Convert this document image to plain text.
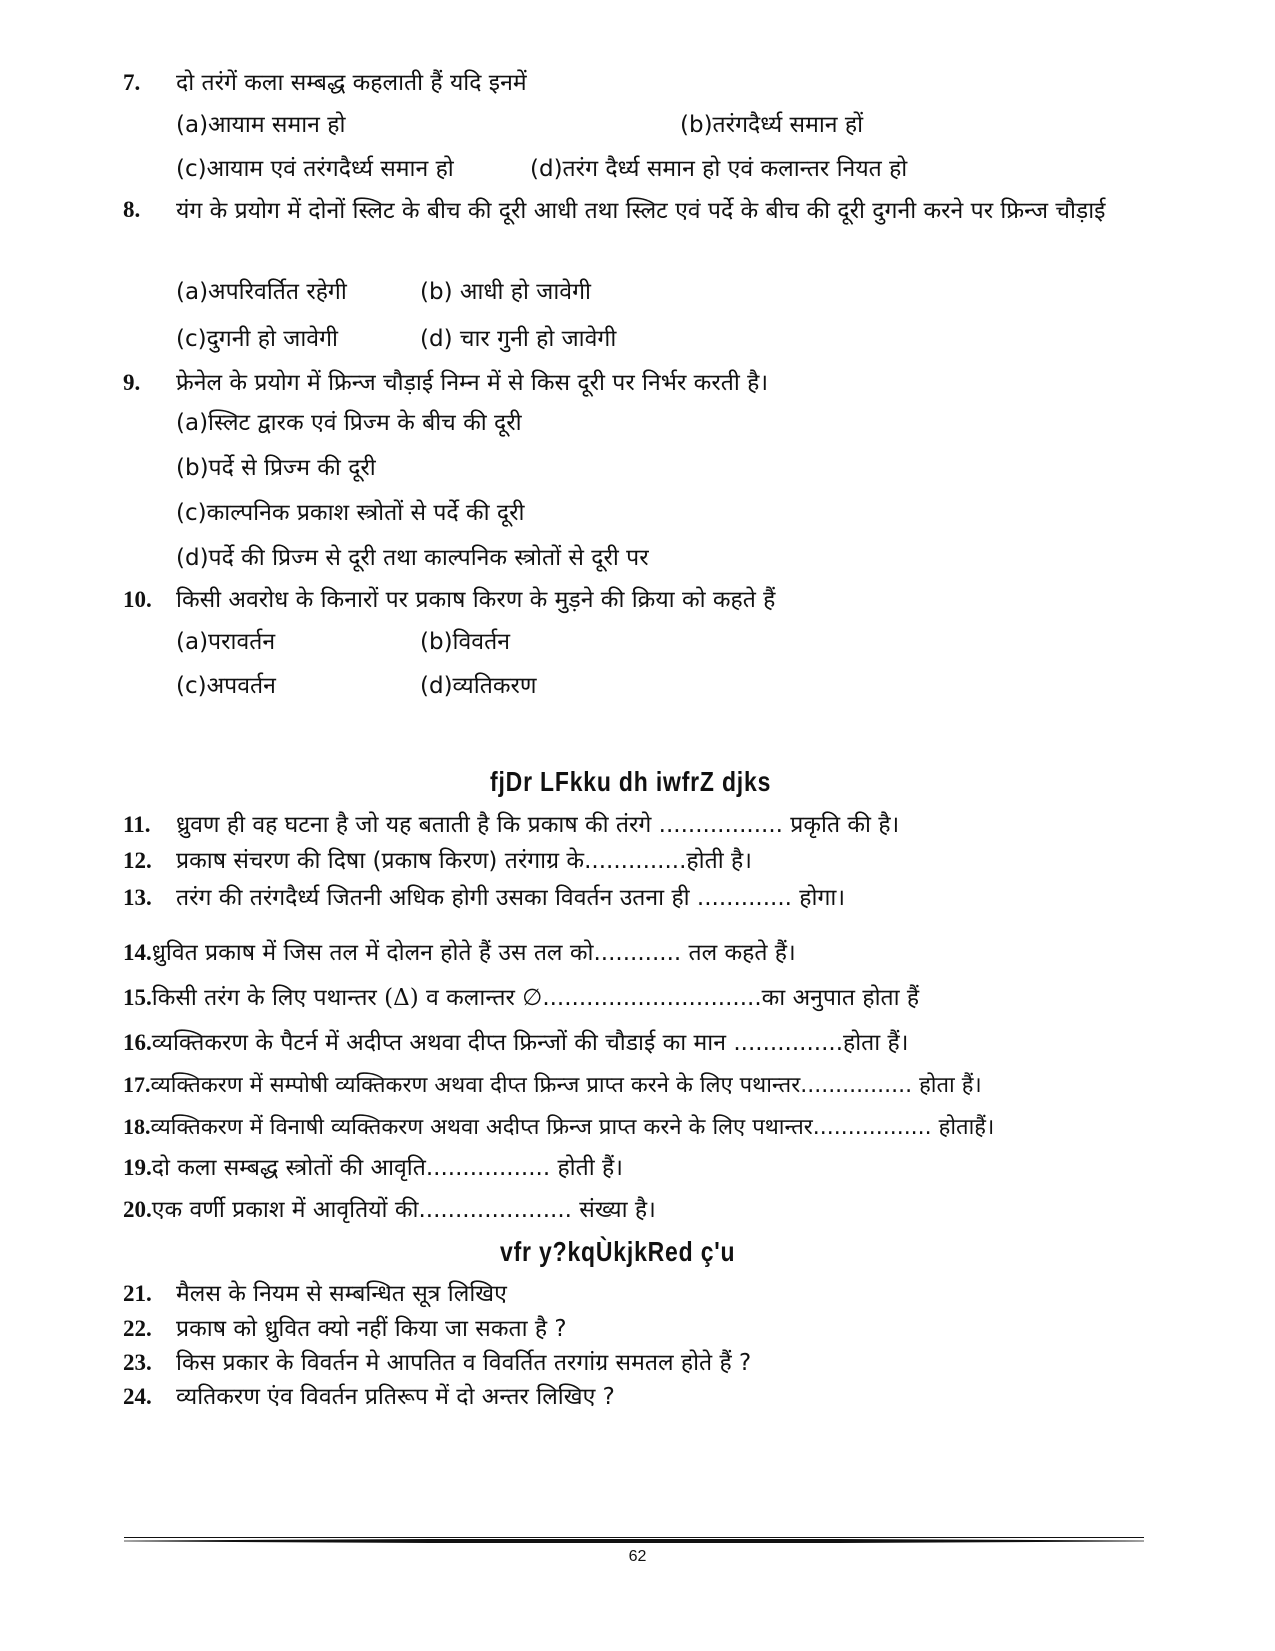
7. दो तरंगें कला सम्बद्ध कहलाती हैं यदि इनमें
(a)आयाम समान हो	(b)तरंगदैर्ध्य समान हों
(c)आयाम एवं तरंगदैर्ध्य समान हो	(d)तरंग दैर्ध्य समान हो एवं कलान्तर नियत हो
8. यंग के प्रयोग में दोनों स्लिट के बीच की दूरी आधी तथा स्लिट एवं पर्दे के बीच की दूरी दुगनी करने पर फ्रिन्ज चौड़ाई
(a)अपरिवर्तित रहेगी	(b) आधी हो जावेगी
(c)दुगनी हो जावेगी	(d) चार गुनी हो जावेगी
9. फ्रेनेल के प्रयोग में फ्रिन्ज चौड़ाई निम्न में से किस दूरी पर निर्भर करती है।
(a)स्लिट द्वारक एवं प्रिज्म के बीच की दूरी
(b)पर्दे से प्रिज्म की दूरी
(c)काल्पनिक प्रकाश स्त्रोतों से पर्दे की दूरी
(d)पर्दे की प्रिज्म से दूरी तथा काल्पनिक स्त्रोतों से दूरी पर
10. किसी अवरोध के किनारों पर प्रकाष किरण के मुड़ने की क्रिया को कहते हैं
(a)परावर्तन	(b)विवर्तन
(c)अपवर्तन	(d)व्यतिकरण
fjDr LFkku dh iwfrZ djks
11. ध्रुवण ही वह घटना है जो यह बताती है कि प्रकाष की तंरगे ................. प्रकृति की है।
12. प्रकाष संचरण की दिषा (प्रकाष किरण) तरंगाग्र के..............होती है।
13. तरंग की तरंगदैर्ध्य जितनी अधिक होगी उसका विवर्तन उतना ही ............. होगा।
14.ध्रुवित प्रकाष में जिस तल में दोलन होते हैं उस तल को............ तल कहते हैं।
15.किसी तरंग के लिए पथान्तर (Δ) व कलान्तर ∅..............................का अनुपात होता हैं
16.व्यक्तिकरण के पैटर्न में अदीप्त अथवा दीप्त फ्रिन्जों की चौडाई का मान ...............होता हैं।
17.व्यक्तिकरण में सम्पोषी व्यक्तिकरण अथवा दीप्त फ्रिन्ज प्राप्त करने के लिए पथान्तर................ होता हैं।
18.व्यक्तिकरण में विनाषी व्यक्तिकरण अथवा अदीप्त फ्रिन्ज प्राप्त करने के लिए पथान्तर................. होताहैं।
19.दो कला सम्बद्ध स्त्रोतों की आवृति................. होती हैं।
20.एक वर्णी प्रकाश में आवृतियों की..................... संख्या है।
vfr y?kqÙkjkRed ç'u
21. मैलस के नियम से सम्बन्धित सूत्र लिखिए
22. प्रकाष को ध्रुवित क्यो नहीं किया जा सकता है ?
23. किस प्रकार के विवर्तन मे आपतित व विवर्तित तरगांग्र समतल होते हैं ?
24. व्यतिकरण एंव विवर्तन प्रतिरूप में दो अन्तर लिखिए ?
62
